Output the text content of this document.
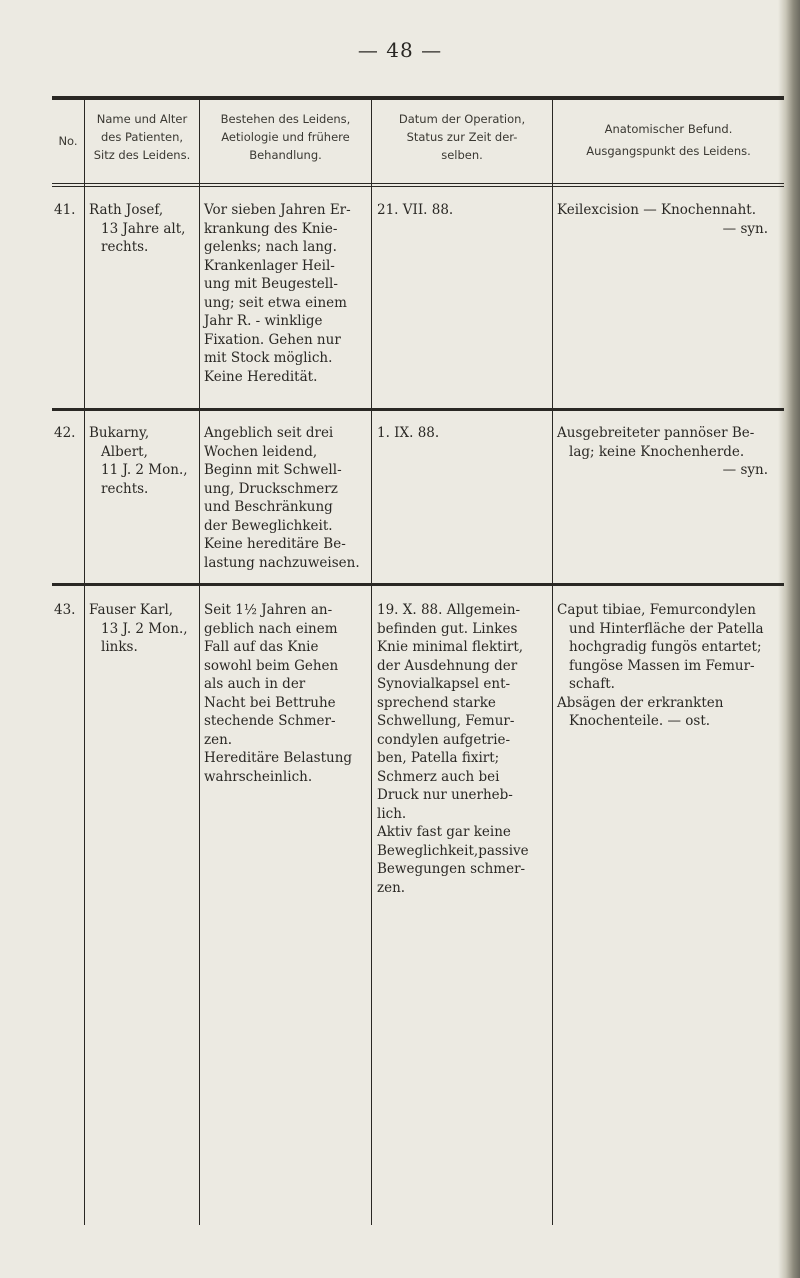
— 48 —
No.
Name und Alter
des Patienten,
Sitz des Leidens.
Bestehen des Leidens,
Aetiologie und frühere
Behandlung.
Datum der Operation,
Status zur Zeit der-
selben.
Anatomischer Befund.
Ausgangspunkt des Leidens.
41. Rath Josef,
13 Jahre alt,
rechts.
Vor sieben Jahren Er-
krankung des Knie-
gelenks; nach lang.
Krankenlager Heil-
ung mit Beugestell-
ung; seit etwa einem
Jahr R. - winklige
Fixation. Gehen nur
mit Stock möglich.
Keine Heredität.
21. VII. 88.	Keilexcision — Knochennaht.
— syn.
42. Bukarny,
Albert,
11 J. 2 Mon.,
rechts.
Angeblich seit drei
Wochen leidend,
Beginn mit Schwell-
ung, Druckschmerz
und Beschränkung
der Beweglichkeit.
Keine hereditäre Be-
lastung nachzuweisen.
1. IX. 88.	Ausgebreiteter pannöser Be-
lag; keine Knochenherde.
— syn.
43. Fauser Karl,
13 J. 2 Mon.,
links.
Seit 1½ Jahren an-
geblich nach einem
Fall auf das Knie
sowohl beim Gehen
als auch in der
Nacht bei Bettruhe
stechende Schmer-
zen.
Hereditäre Belastung
wahrscheinlich.
19. X. 88. Allgemein-
befinden gut. Linkes
Knie minimal flektirt,
der Ausdehnung der
Synovialkapsel ent-
sprechend starke
Schwellung, Femur-
condylen aufgetrie-
ben, Patella fixirt;
Schmerz auch bei
Druck nur unerheb-
lich.
Aktiv fast gar keine
Beweglichkeit,passive
Bewegungen schmer-
zen.
Caput tibiae, Femurcondylen
und Hinterfläche der Patella
hochgradig fungös entartet;
fungöse Massen im Femur-
schaft.
Absägen der erkrankten
Knochenteile. — ost.
